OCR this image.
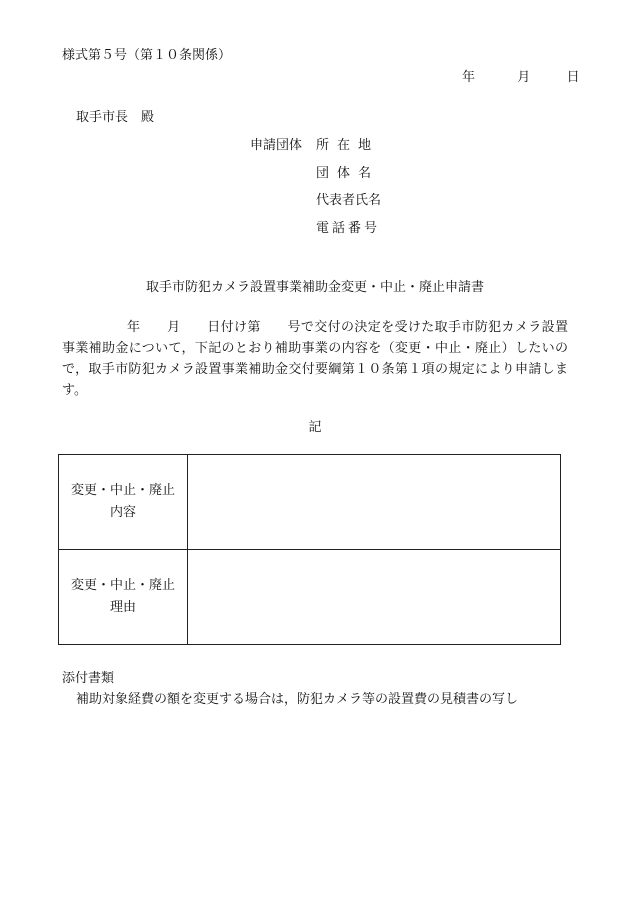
様式第５号（第１０条関係）
年	月	日
取手市長　殿
申請団体 所在地
団体名
代表者氏名
電話番号
取手市防犯カメラ設置事業補助金変更・中止・廃止申請書
年　　月　　日付け第　　号で交付の決定を受けた取手市防犯カメラ設置事業補助金について，下記のとおり補助事業の内容を（変更・中止・廃止）したいので，取手市防犯カメラ設置事業補助金交付要綱第１０条第１項の規定により申請します。
記
変更・中止・廃止
内容	

変更・中止・廃止
理由	

添付書類
補助対象経費の額を変更する場合は，防犯カメラ等の設置費の見積書の写し
